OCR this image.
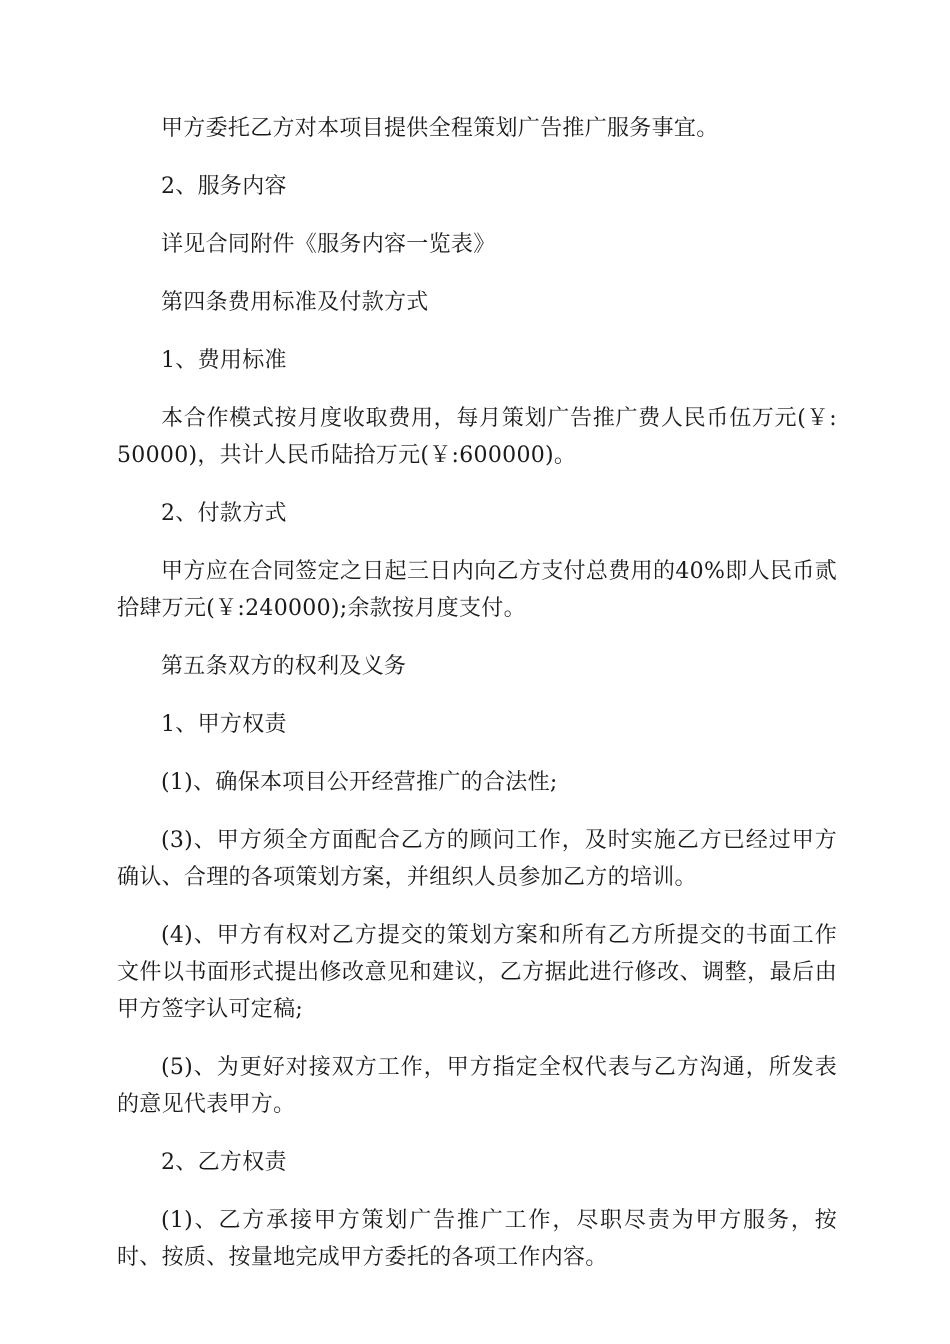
甲方委托乙方对本项目提供全程策划广告推广服务事宜。

2、服务内容

详见合同附件《服务内容一览表》

第四条费用标准及付款方式

1、费用标准

本合作模式按月度收取费用，每月策划广告推广费人民币伍万元(￥:50000)，共计人民币陆拾万元(￥:600000)。

2、付款方式

甲方应在合同签定之日起三日内向乙方支付总费用的40%即人民币贰拾肆万元(￥:240000);余款按月度支付。

第五条双方的权利及义务

1、甲方权责

(1)、确保本项目公开经营推广的合法性;

(3)、甲方须全方面配合乙方的顾问工作，及时实施乙方已经过甲方确认、合理的各项策划方案，并组织人员参加乙方的培训。

(4)、甲方有权对乙方提交的策划方案和所有乙方所提交的书面工作文件以书面形式提出修改意见和建议，乙方据此进行修改、调整，最后由甲方签字认可定稿;

(5)、为更好对接双方工作，甲方指定全权代表与乙方沟通，所发表的意见代表甲方。

2、乙方权责

(1)、乙方承接甲方策划广告推广工作，尽职尽责为甲方服务，按时、按质、按量地完成甲方委托的各项工作内容。
